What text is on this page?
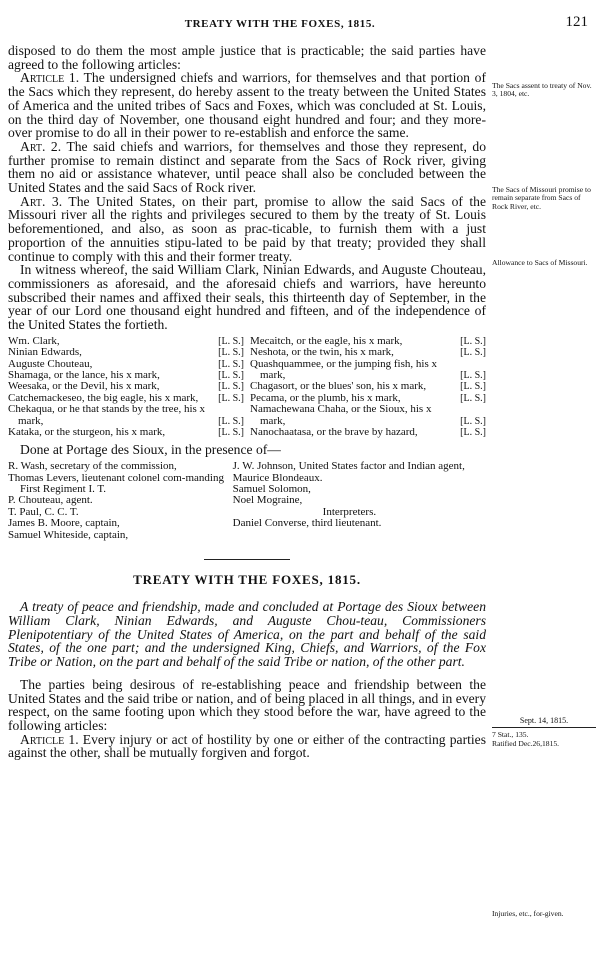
TREATY WITH THE FOXES, 1815.	121

disposed to do them the most ample justice that is practicable; the said parties have agreed to the following articles:

Article 1. The undersigned chiefs and warriors, for themselves and that portion of the Sacs which they represent, do hereby assent to the treaty between the United States of America and the united tribes of Sacs and Foxes, which was concluded at St. Louis, on the third day of November, one thousand eight hundred and four; and they more-over promise to do all in their power to re-establish and enforce the same.

Art. 2. The said chiefs and warriors, for themselves and those they represent, do further promise to remain distinct and separate from the Sacs of Rock river, giving them no aid or assistance whatever, until peace shall also be concluded between the United States and the said Sacs of Rock river.

Art. 3. The United States, on their part, promise to allow the said Sacs of the Missouri river all the rights and privileges secured to them by the treaty of St. Louis beforementioned, and also, as soon as prac-ticable, to furnish them with a just proportion of the annuities stipu-lated to be paid by that treaty; provided they shall continue to comply with this and their former treaty.

In witness whereof, the said William Clark, Ninian Edwards, and Auguste Chouteau, commissioners as aforesaid, and the aforesaid chiefs and warriors, have hereunto subscribed their names and affixed their seals, this thirteenth day of September, in the year of our Lord one thousand eight hundred and fifteen, and of the independence of the United States the fortieth.

Wm. Clark,	[L. S.]
Ninian Edwards,	[L. S.]
Auguste Chouteau,	[L. S.]
Shamaga, or the lance, his x mark,	[L. S.]
Weesaka, or the Devil, his x mark,	[L. S.]
Catchemackeseo, the big eagle, his x mark,	[L. S.]
Chekaqua, or he that stands by the tree, his x mark,	[L. S.]
Kataka, or the sturgeon, his x mark,	[L. S.]
Mecaitch, or the eagle, his x mark,	[L. S.]
Neshota, or the twin, his x mark,	[L. S.]
Quashquammee, or the jumping fish, his x mark,	[L. S.]
Chagasort, or the blues' son, his x mark,	[L. S.]
Pecama, or the plumb, his x mark,	[L. S.]
Namachewana Chaha, or the Sioux, his x mark,	[L. S.]
Nanochaatasa, or the brave by hazard,	[L. S.]
Done at Portage des Sioux, in the presence of—
R. Wash, secretary of the commission,
Thomas Levers, lieutenant colonel com-manding First Regiment I. T.
P. Chouteau, agent.
T. Paul, C. C. T.
James B. Moore, captain,
Samuel Whiteside, captain,
J. W. Johnson, United States factor and Indian agent,
Maurice Blondeaux.
Samuel Solomon,
Noel Mograine,
Interpreters.
Daniel Converse, third lieutenant.
TREATY WITH THE FOXES, 1815.

A treaty of peace and friendship, made and concluded at Portage des Sioux between William Clark, Ninian Edwards, and Auguste Chou-teau, Commissioners Plenipotentiary of the United States of America, on the part and behalf of the said States, of the one part; and the undersigned King, Chiefs, and Warriors, of the Fox Tribe or Nation, on the part and behalf of the said Tribe or nation, of the other part.

The parties being desirous of re-establishing peace and friendship between the United States and the said tribe or nation, and of being placed in all things, and in every respect, on the same footing upon which they stood before the war, have agreed to the following articles:

Article 1. Every injury or act of hostility by one or either of the contracting parties against the other, shall be mutually forgiven and forgot.

The Sacs assent to treaty of Nov. 3, 1804, etc.
The Sacs of Missouri promise to remain separate from Sacs of Rock River, etc.
Allowance to Sacs of Missouri.
Sept. 14, 1815.
7 Stat., 135.
Ratified Dec.26,1815.
Injuries, etc., for-given.
